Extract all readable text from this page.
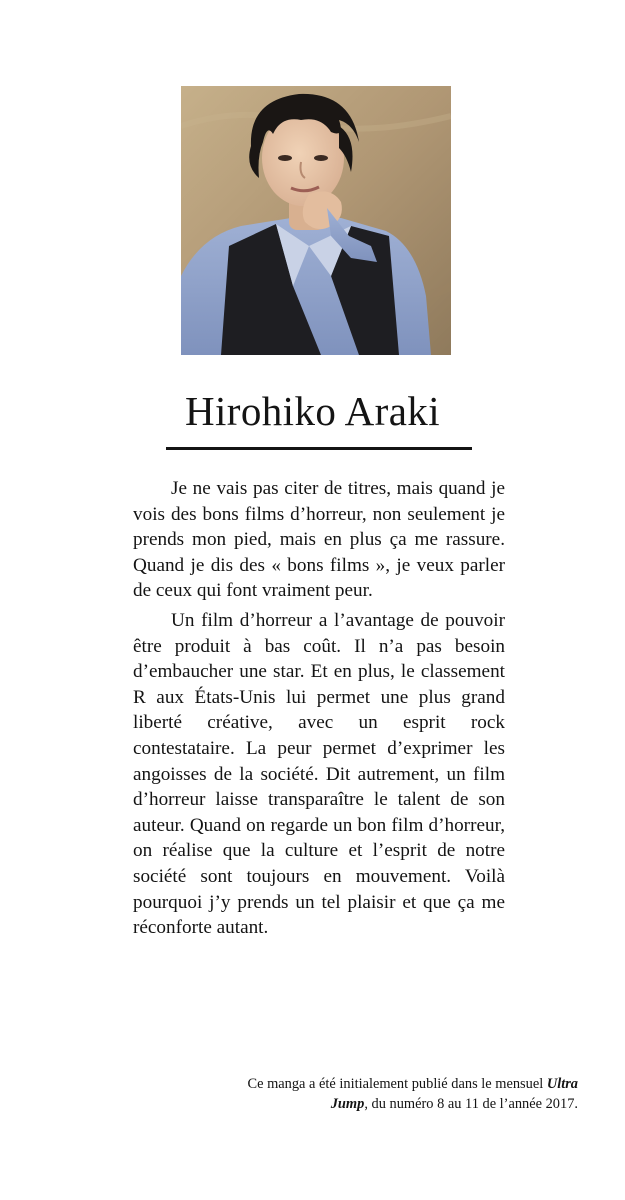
Hirohiko Araki

Je ne vais pas citer de titres, mais quand je vois des bons films d’horreur, non seulement je prends mon pied, mais en plus ça me rassure. Quand je dis des « bons films », je veux parler de ceux qui font vraiment peur.

Un film d’horreur a l’avantage de pouvoir être produit à bas coût. Il n’a pas besoin d’embaucher une star. Et en plus, le classement R aux États-Unis lui permet une plus grand liberté créative, avec un esprit rock contestataire. La peur permet d’exprimer les angoisses de la société. Dit autrement, un film d’horreur laisse transparaître le talent de son auteur. Quand on regarde un bon film d’horreur, on réalise que la culture et l’esprit de notre société sont toujours en mouvement. Voilà pourquoi j’y prends un tel plaisir et que ça me réconforte autant.

Ce manga a été initialement publié dans le mensuel Ultra Jump, du numéro 8 au 11 de l’année 2017.
